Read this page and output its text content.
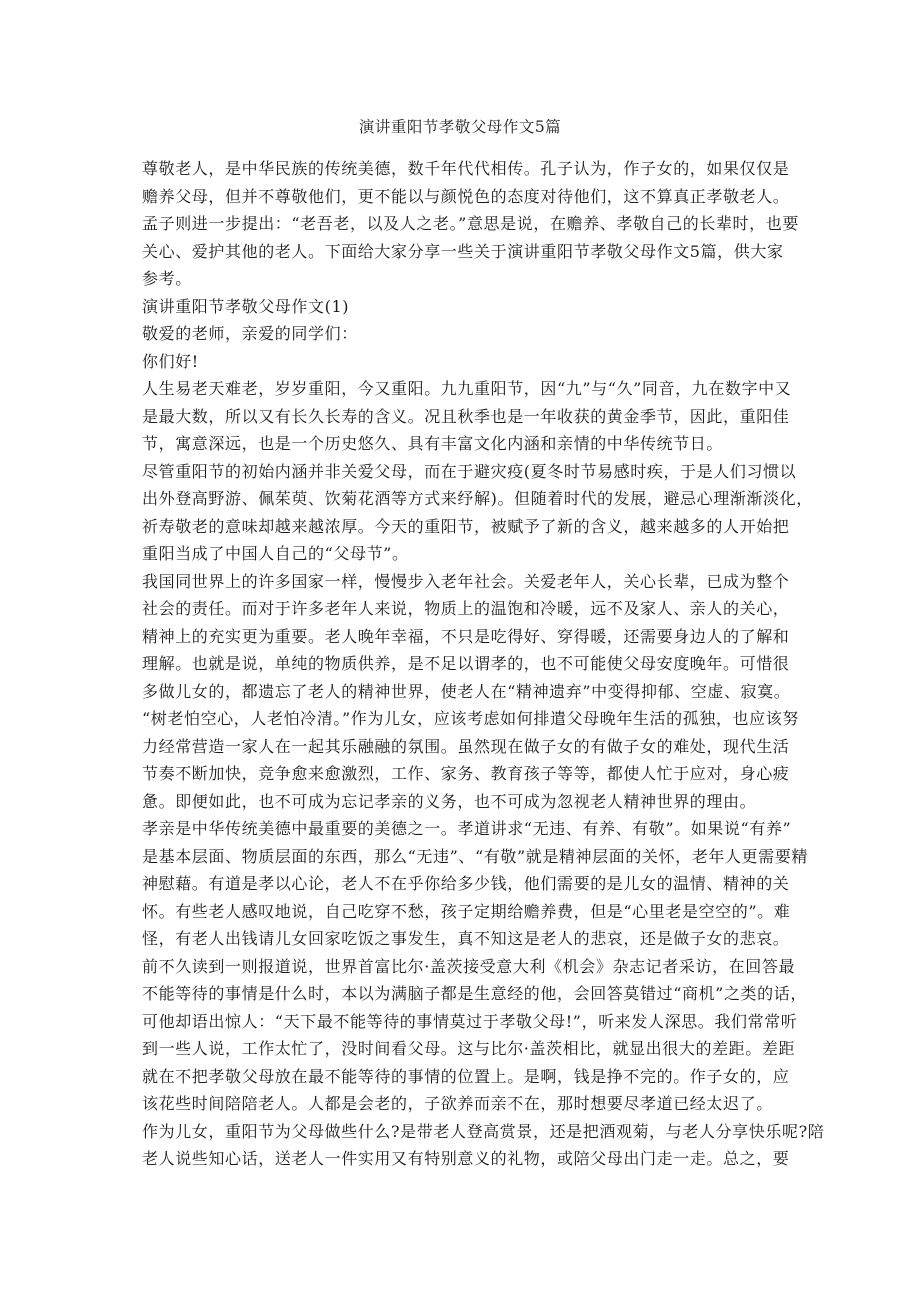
演讲重阳节孝敬父母作文5篇
尊敬老人，是中华民族的传统美德，数千年代代相传。孔子认为，作子女的，如果仅仅是
赡养父母，但并不尊敬他们，更不能以与颜悦色的态度对待他们，这不算真正孝敬老人。
孟子则进一步提出：“老吾老，以及人之老。”意思是说，在赡养、孝敬自己的长辈时，也要
关心、爱护其他的老人。下面给大家分享一些关于演讲重阳节孝敬父母作文5篇，供大家
参考。
演讲重阳节孝敬父母作文(1)
敬爱的老师，亲爱的同学们：
你们好!
人生易老天难老，岁岁重阳，今又重阳。九九重阳节，因“九”与“久”同音，九在数字中又
是最大数，所以又有长久长寿的含义。况且秋季也是一年收获的黄金季节，因此，重阳佳
节，寓意深远，也是一个历史悠久、具有丰富文化内涵和亲情的中华传统节日。
尽管重阳节的初始内涵并非关爱父母，而在于避灾疫(夏冬时节易感时疾，于是人们习惯以
出外登高野游、佩茱萸、饮菊花酒等方式来纾解)。但随着时代的发展，避忌心理渐渐淡化，
祈寿敬老的意味却越来越浓厚。今天的重阳节，被赋予了新的含义，越来越多的人开始把
重阳当成了中国人自己的“父母节”。
我国同世界上的许多国家一样，慢慢步入老年社会。关爱老年人，关心长辈，已成为整个
社会的责任。而对于许多老年人来说，物质上的温饱和冷暖，远不及家人、亲人的关心，
精神上的充实更为重要。老人晚年幸福，不只是吃得好、穿得暖，还需要身边人的了解和
理解。也就是说，单纯的物质供养，是不足以谓孝的，也不可能使父母安度晚年。可惜很
多做儿女的，都遗忘了老人的精神世界，使老人在“精神遗弃”中变得抑郁、空虚、寂寞。
“树老怕空心，人老怕冷清。”作为儿女，应该考虑如何排遣父母晚年生活的孤独，也应该努
力经常营造一家人在一起其乐融融的氛围。虽然现在做子女的有做子女的难处，现代生活
节奏不断加快，竞争愈来愈激烈，工作、家务、教育孩子等等，都使人忙于应对，身心疲
惫。即便如此，也不可成为忘记孝亲的义务，也不可成为忽视老人精神世界的理由。
孝亲是中华传统美德中最重要的美德之一。孝道讲求“无违、有养、有敬”。如果说“有养”
是基本层面、物质层面的东西，那么“无违”、“有敬”就是精神层面的关怀，老年人更需要精
神慰藉。有道是孝以心论，老人不在乎你给多少钱，他们需要的是儿女的温情、精神的关
怀。有些老人感叹地说，自己吃穿不愁，孩子定期给赡养费，但是“心里老是空空的”。难
怪，有老人出钱请儿女回家吃饭之事发生，真不知这是老人的悲哀，还是做子女的悲哀。
前不久读到一则报道说，世界首富比尔·盖茨接受意大利《机会》杂志记者采访，在回答最
不能等待的事情是什么时，本以为满脑子都是生意经的他，会回答莫错过“商机”之类的话，
可他却语出惊人：“天下最不能等待的事情莫过于孝敬父母!”，听来发人深思。我们常常听
到一些人说，工作太忙了，没时间看父母。这与比尔·盖茨相比，就显出很大的差距。差距
就在不把孝敬父母放在最不能等待的事情的位置上。是啊，钱是挣不完的。作子女的，应
该花些时间陪陪老人。人都是会老的，子欲养而亲不在，那时想要尽孝道已经太迟了。
作为儿女，重阳节为父母做些什么?是带老人登高赏景，还是把酒观菊，与老人分享快乐呢?陪
老人说些知心话，送老人一件实用又有特别意义的礼物，或陪父母出门走一走。总之，要
